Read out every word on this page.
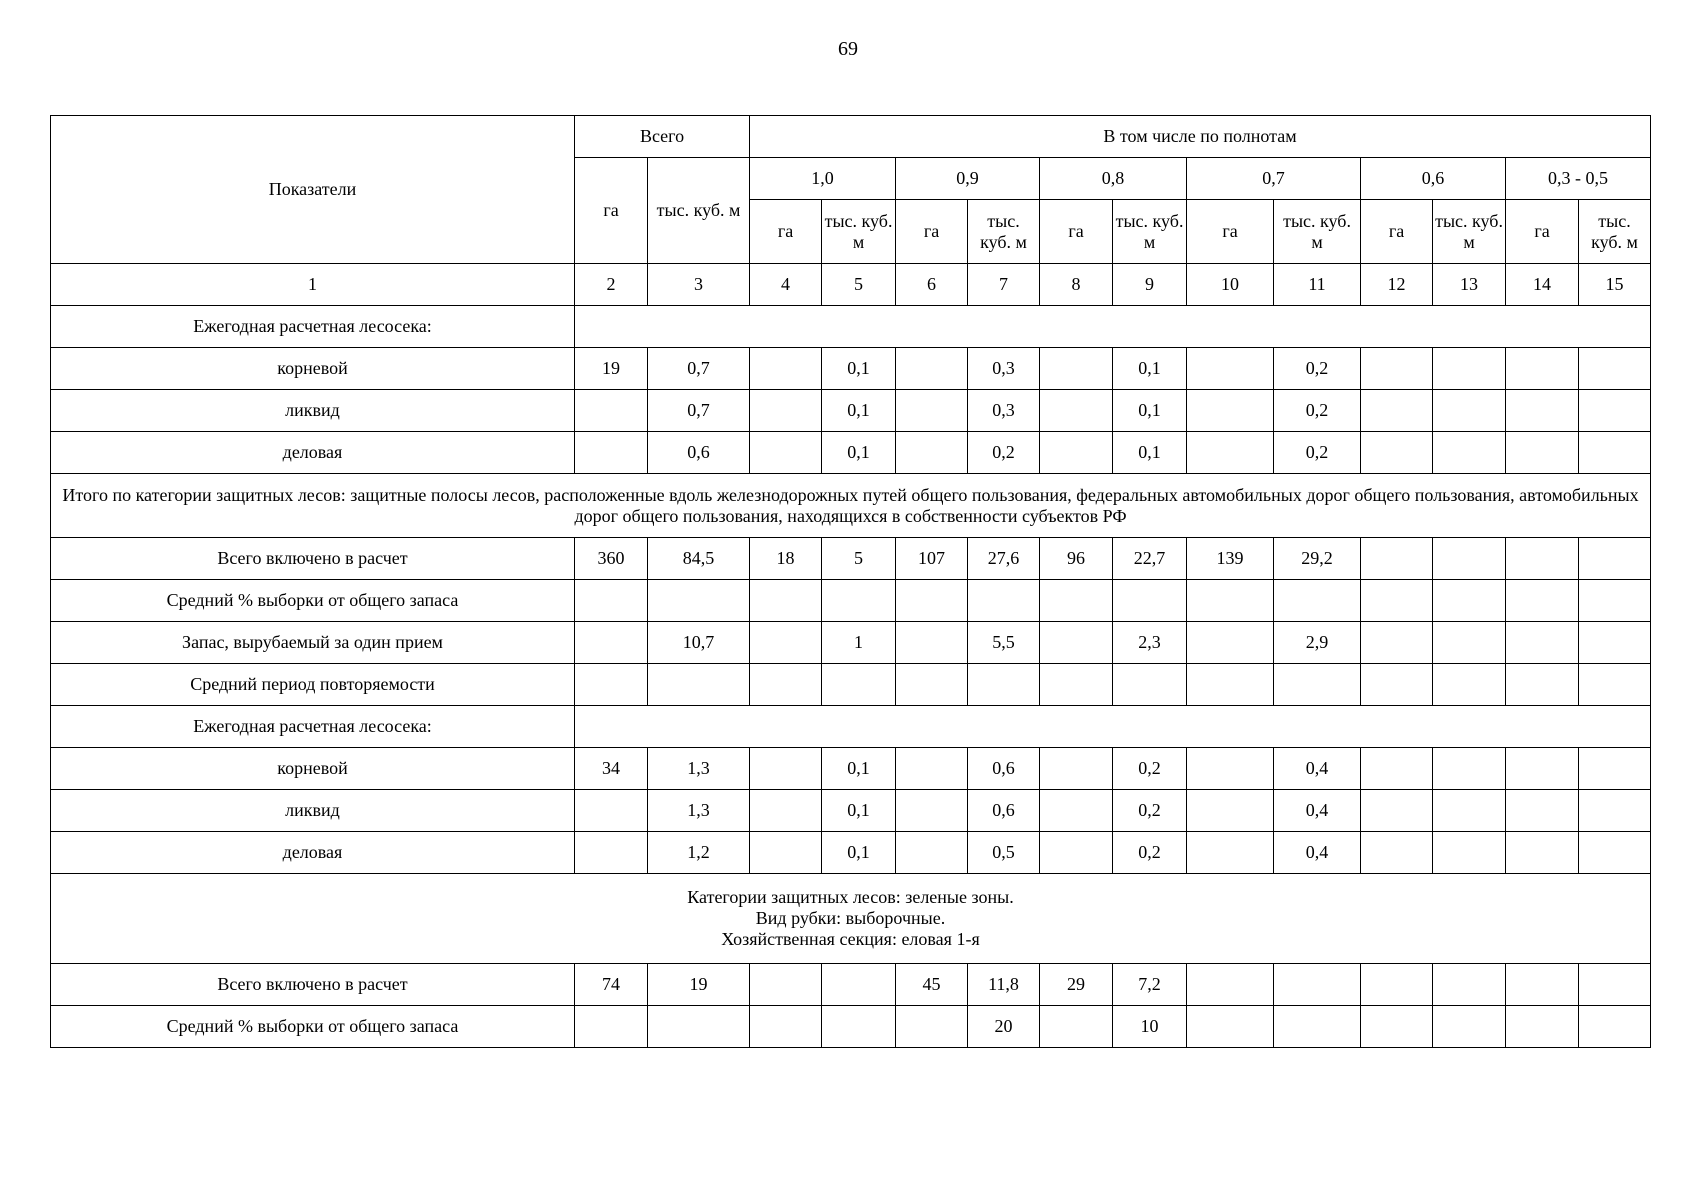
69
Показатели	Всего		В том числе по полнотам											
	га	тыс. куб. м	1,0		0,9		0,8		0,7		0,6		0,3 - 0,5	
			га	тыс. куб. м	га	тыс. куб. м	га	тыс. куб. м	га	тыс. куб. м	га	тыс. куб. м	га	тыс. куб. м
1	2	3	4	5	6	7	8	9	10	11	12	13	14	15
Ежегодная расчетная лесосека:														
корневой	19	0,7		0,1		0,3		0,1		0,2				
ликвид		0,7		0,1		0,3		0,1		0,2				
деловая		0,6		0,1		0,2		0,1		0,2				

Итого по категории защитных лесов: защитные полосы лесов, расположенные вдоль железнодорожных путей общего пользования, федеральных автомобильных дорог общего пользования, автомобильных дорог общего пользования, находящихся в собственности субъектов РФ														

Всего включено в расчет	360	84,5	18	5	107	27,6	96	22,7	139	29,2				
Средний % выборки от общего запаса														
Запас, вырубаемый за один прием		10,7		1		5,5		2,3		2,9				
Средний период повторяемости														
Ежегодная расчетная лесосека:														
корневой	34	1,3		0,1		0,6		0,2		0,4				
ликвид		1,3		0,1		0,6		0,2		0,4				
деловая		1,2		0,1		0,5		0,2		0,4				

Категории защитных лесов: зеленые зоны.
Вид рубки: выборочные.
Хозяйственная секция: еловая 1-я														

Всего включено в расчет	74	19			45	11,8	29	7,2						
Средний % выборки от общего запаса						20		10						
